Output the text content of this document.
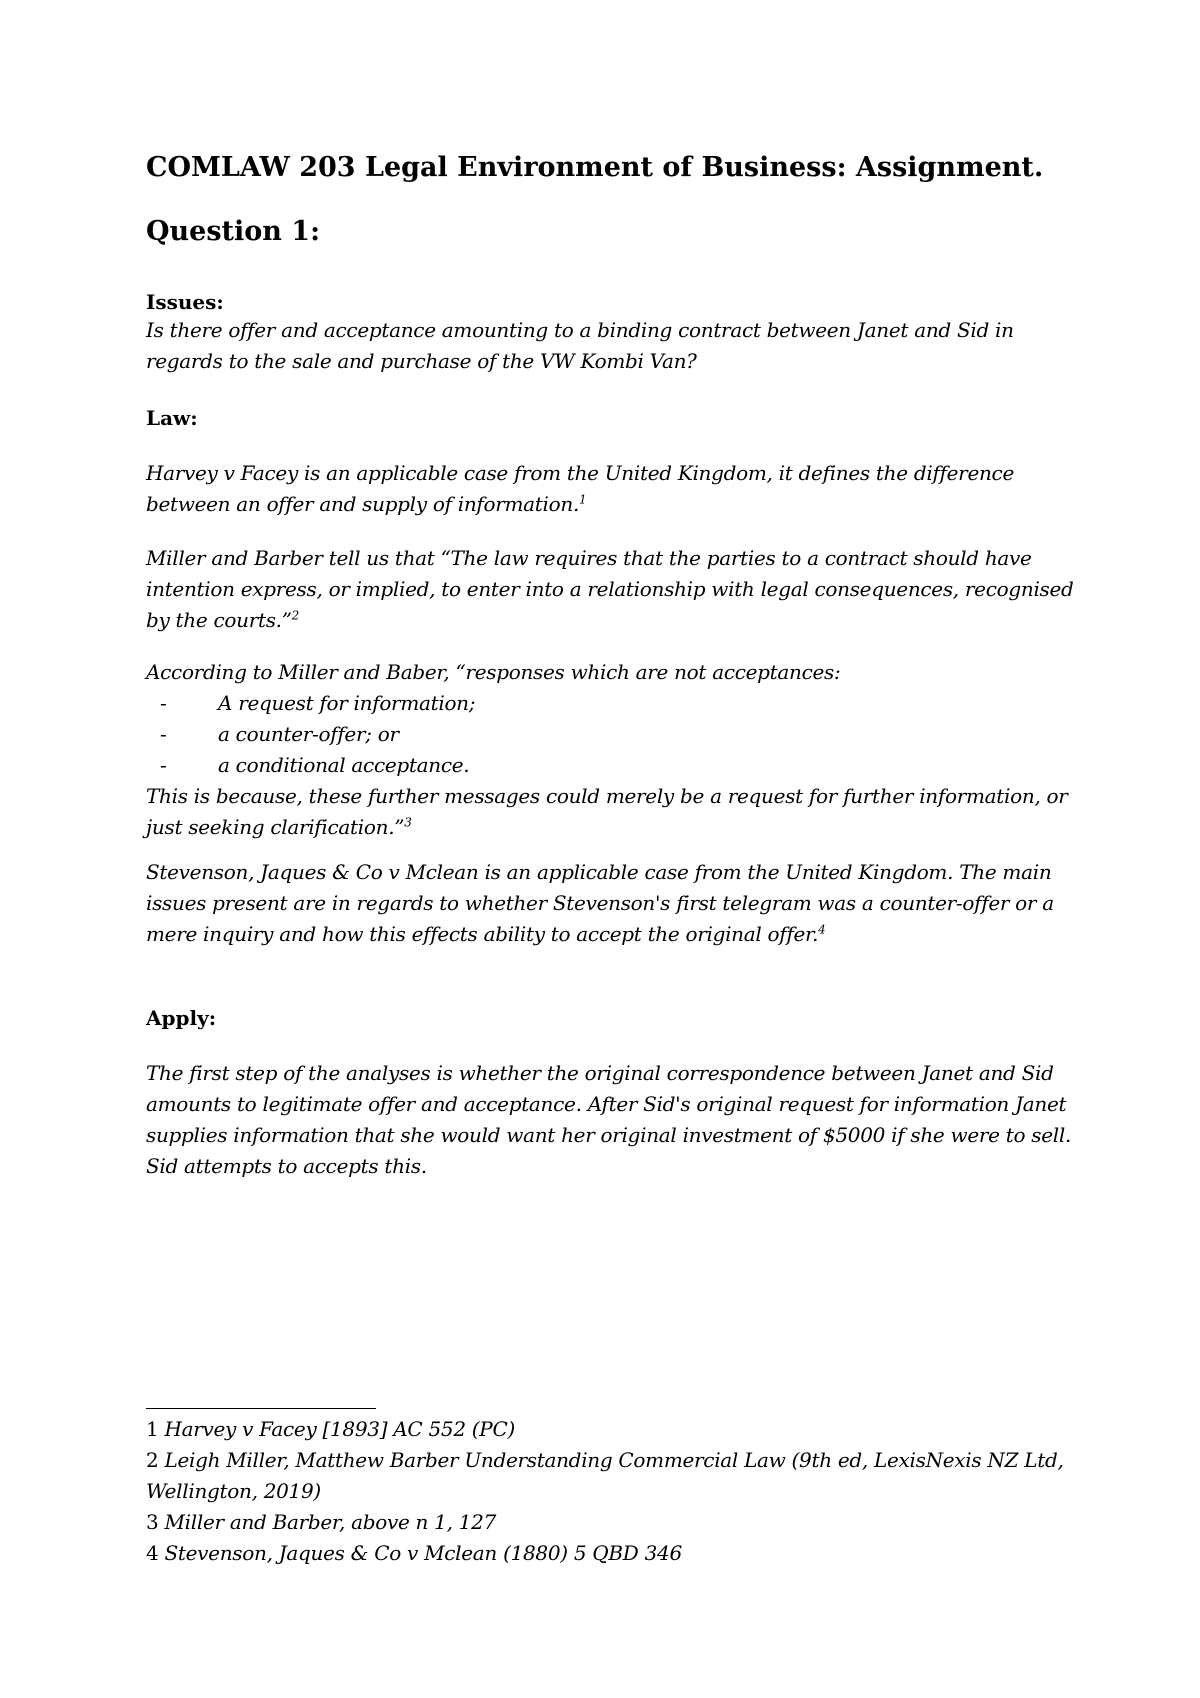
COMLAW 203 Legal Environment of Business: Assignment.
Question 1:
Issues:

Is there offer and acceptance amounting to a binding contract between Janet and Sid in regards to the sale and purchase of the VW Kombi Van?

Law:

Harvey v Facey is an applicable case from the United Kingdom, it defines the difference between an offer and supply of information.$^1$

Miller and Barber tell us that “The law requires that the parties to a contract should have intention express, or implied, to enter into a relationship with legal consequences, recognised by the courts.”$^2$

According to Miller and Baber, “responses which are not acceptances:
-	A request for information;
-	a counter-offer; or
-	a conditional acceptance.
This is because, these further messages could merely be a request for further information, or just seeking clarification.”$^3$

Stevenson, Jaques & Co v Mclean is an applicable case from the United Kingdom. The main issues present are in regards to whether Stevenson's first telegram was a counter-offer or a mere inquiry and how this effects ability to accept the original offer.$^4$

Apply:

The first step of the analyses is whether the original correspondence between Janet and Sid amounts to legitimate offer and acceptance. After Sid's original request for information Janet supplies information that she would want her original investment of $5000 if she were to sell. Sid attempts to accepts this.

1 Harvey v Facey [1893] AC 552 (PC)

2 Leigh Miller, Matthew Barber Understanding Commercial Law (9th ed, LexisNexis NZ Ltd, Wellington, 2019)

3 Miller and Barber, above n 1, 127

4 Stevenson, Jaques & Co v Mclean (1880) 5 QBD 346
